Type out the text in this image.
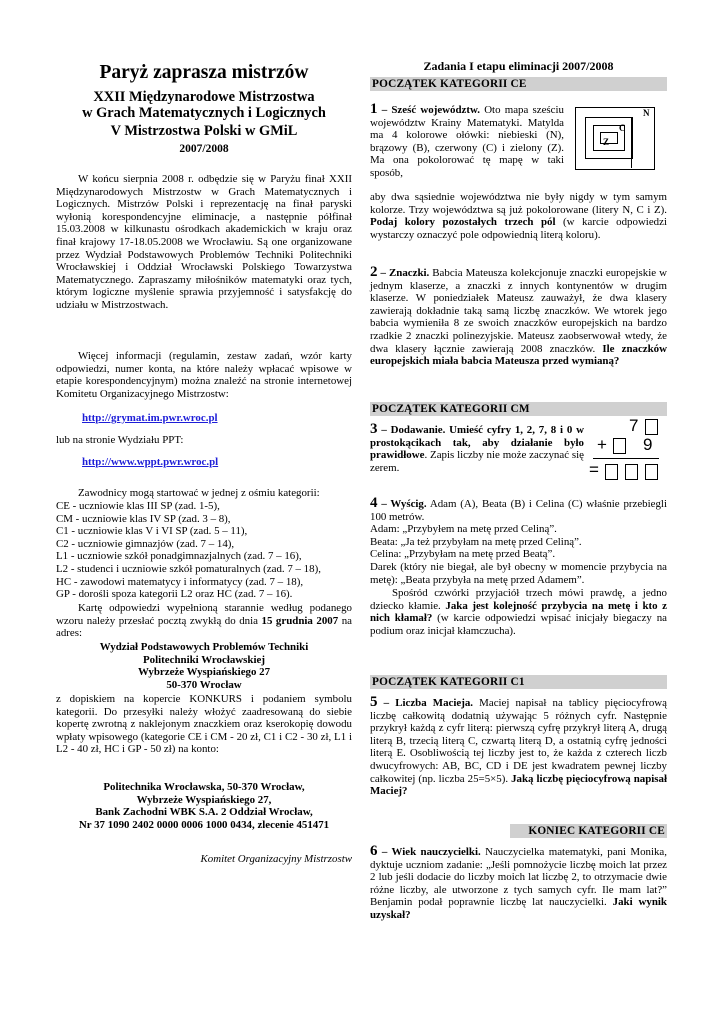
Paryż zaprasza mistrzów
XXII Międzynarodowe Mistrzostwa
w Grach Matematycznych i Logicznych
V Mistrzostwa Polski w GMiL
2007/2008

W końcu sierpnia 2008 r. odbędzie się w Paryżu finał XXII Międzynarodowych Mistrzostw w Grach Matematycznych i Logicznych. Mistrzów Polski i reprezentację na finał paryski wyłonią korespondencyjne eliminacje, a następnie półfinał 15.03.2008 w kilkunastu ośrodkach akademickich w kraju oraz finał krajowy 17-18.05.2008 we Wrocławiu. Są one organizowane przez Wydział Podstawowych Problemów Techniki Politechniki Wrocławskiej i Oddział Wrocławski Polskiego Towarzystwa Matematycznego. Zapraszamy miłośników matematyki oraz tych, którym logiczne myślenie sprawia przyjemność i satysfakcję do udziału w Mistrzostwach.

Więcej informacji (regulamin, zestaw zadań, wzór karty odpowiedzi, numer konta, na które należy wpłacać wpisowe w etapie korespondencyjnym) można znaleźć na stronie internetowej Komitetu Organizacyjnego Mistrzostw:

http://grymat.im.pwr.wroc.pl
lub na stronie Wydziału PPT:
http://www.wppt.pwr.wroc.pl
Zawodnicy mogą startować w jednej z ośmiu kategorii:
CE - uczniowie klas III SP (zad. 1-5),
CM - uczniowie klas IV SP (zad. 3 – 8),
C1 - uczniowie klas V i VI SP (zad. 5 – 11),
C2 - uczniowie gimnazjów (zad. 7 – 14),
L1 - uczniowie szkół ponadgimnazjalnych (zad. 7 – 16),
L2 - studenci i uczniowie szkół pomaturalnych (zad. 7 – 18),
HC - zawodowi matematycy i informatycy (zad. 7 – 18),
GP - dorośli spoza kategorii L2 oraz HC (zad. 7 – 16).

Kartę odpowiedzi wypełnioną starannie według podanego wzoru należy przesłać pocztą zwykłą do dnia 15 grudnia 2007 na adres:

Wydział Podstawowych Problemów Techniki
Politechniki Wrocławskiej
Wybrzeże Wyspiańskiego 27
50-370 Wrocław

z dopiskiem na kopercie KONKURS i podaniem symbolu kategorii. Do przesyłki należy włożyć zaadresowaną do siebie kopertę zwrotną z naklejonym znaczkiem oraz kserokopię dowodu wpłaty wpisowego (kategorie CE i CM - 20 zł, C1 i C2 - 30 zł, L1 i L2 - 40 zł, HC i GP - 50 zł) na konto:

Politechnika Wrocławska, 50-370 Wrocław,
Wybrzeże Wyspiańskiego 27,
Bank Zachodni WBK S.A. 2 Oddział Wrocław,
Nr 37 1090 2402 0000 0006 1000 0434, zlecenie 451471
Komitet Organizacyjny Mistrzostw
Zadania I etapu eliminacji 2007/2008
POCZĄTEK KATEGORII CE
1 – Sześć województw. Oto mapa sześciu województw Krainy Matematyki. Matylda ma 4 kolorowe ołówki: niebieski (N), brązowy (B), czerwony (C) i zielony (Z). Ma ona pokolorować tę mapę w taki sposób,
N
C
Z
aby dwa sąsiednie województwa nie były nigdy w tym samym kolorze. Trzy województwa są już pokolorowane (litery N, C i Z). Podaj kolory pozostałych trzech pól (w karcie odpowiedzi wystarczy oznaczyć pole odpowiednią literą koloru).
2 – Znaczki. Babcia Mateusza kolekcjonuje znaczki europejskie w jednym klaserze, a znaczki z innych kontynentów w drugim klaserze. W poniedziałek Mateusz zauważył, że dwa klasery zawierają dokładnie taką samą liczbę znaczków. We wtorek jego babcia wymieniła 8 ze swoich znaczków europejskich na bardzo rzadkie 2 znaczki polinezyjskie. Mateusz zaobserwował wtedy, że dwa klasery łącznie zawierają 2008 znaczków. Ile znaczków europejskich miała babcia Mateusza przed wymianą?
POCZĄTEK KATEGORII CM
3 – Dodawanie. Umieść cyfry 1, 2, 7, 8 i 0 w prostokącikach tak, aby działanie było prawidłowe. Zapis liczby nie może zaczynać się zerem.
7
+ 9
=
4 – Wyścig. Adam (A), Beata (B) i Celina (C) właśnie przebiegli 100 metrów.
Adam: „Przybyłem na metę przed Celiną”.
Beata: „Ja też przybyłam na metę przed Celiną”.
Celina: „Przybyłam na metę przed Beatą”.
Darek (który nie biegał, ale był obecny w momencie przybycia na metę): „Beata przybyła na metę przed Adamem”.
Spośród czwórki przyjaciół trzech mówi prawdę, a jedno dziecko kłamie. Jaka jest kolejność przybycia na metę i kto z nich kłamał? (w karcie odpowiedzi wpisać inicjały biegaczy na podium oraz inicjał kłamczucha).
POCZĄTEK KATEGORII C1
5 – Liczba Macieja. Maciej napisał na tablicy pięciocyfrową liczbę całkowitą dodatnią używając 5 różnych cyfr. Następnie przykrył każdą z cyfr literą: pierwszą cyfrę przykrył literą A, drugą literą B, trzecią literą C, czwartą literą D, a ostatnią cyfrę jedności literą E. Osobliwością tej liczby jest to, że każda z czterech liczb dwucyfrowych: AB, BC, CD i DE jest kwadratem pewnej liczby całkowitej (np. liczba 25=5×5). Jaką liczbę pięciocyfrową napisał Maciej?
KONIEC KATEGORII CE
6 – Wiek nauczycielki. Nauczycielka matematyki, pani Monika, dyktuje uczniom zadanie: „Jeśli pomnożycie liczbę moich lat przez 2 lub jeśli dodacie do liczby moich lat liczbę 2, to otrzymacie dwie różne liczby, ale utworzone z tych samych cyfr. Ile mam lat?” Benjamin podał poprawnie liczbę lat nauczycielki. Jaki wynik uzyskał?
